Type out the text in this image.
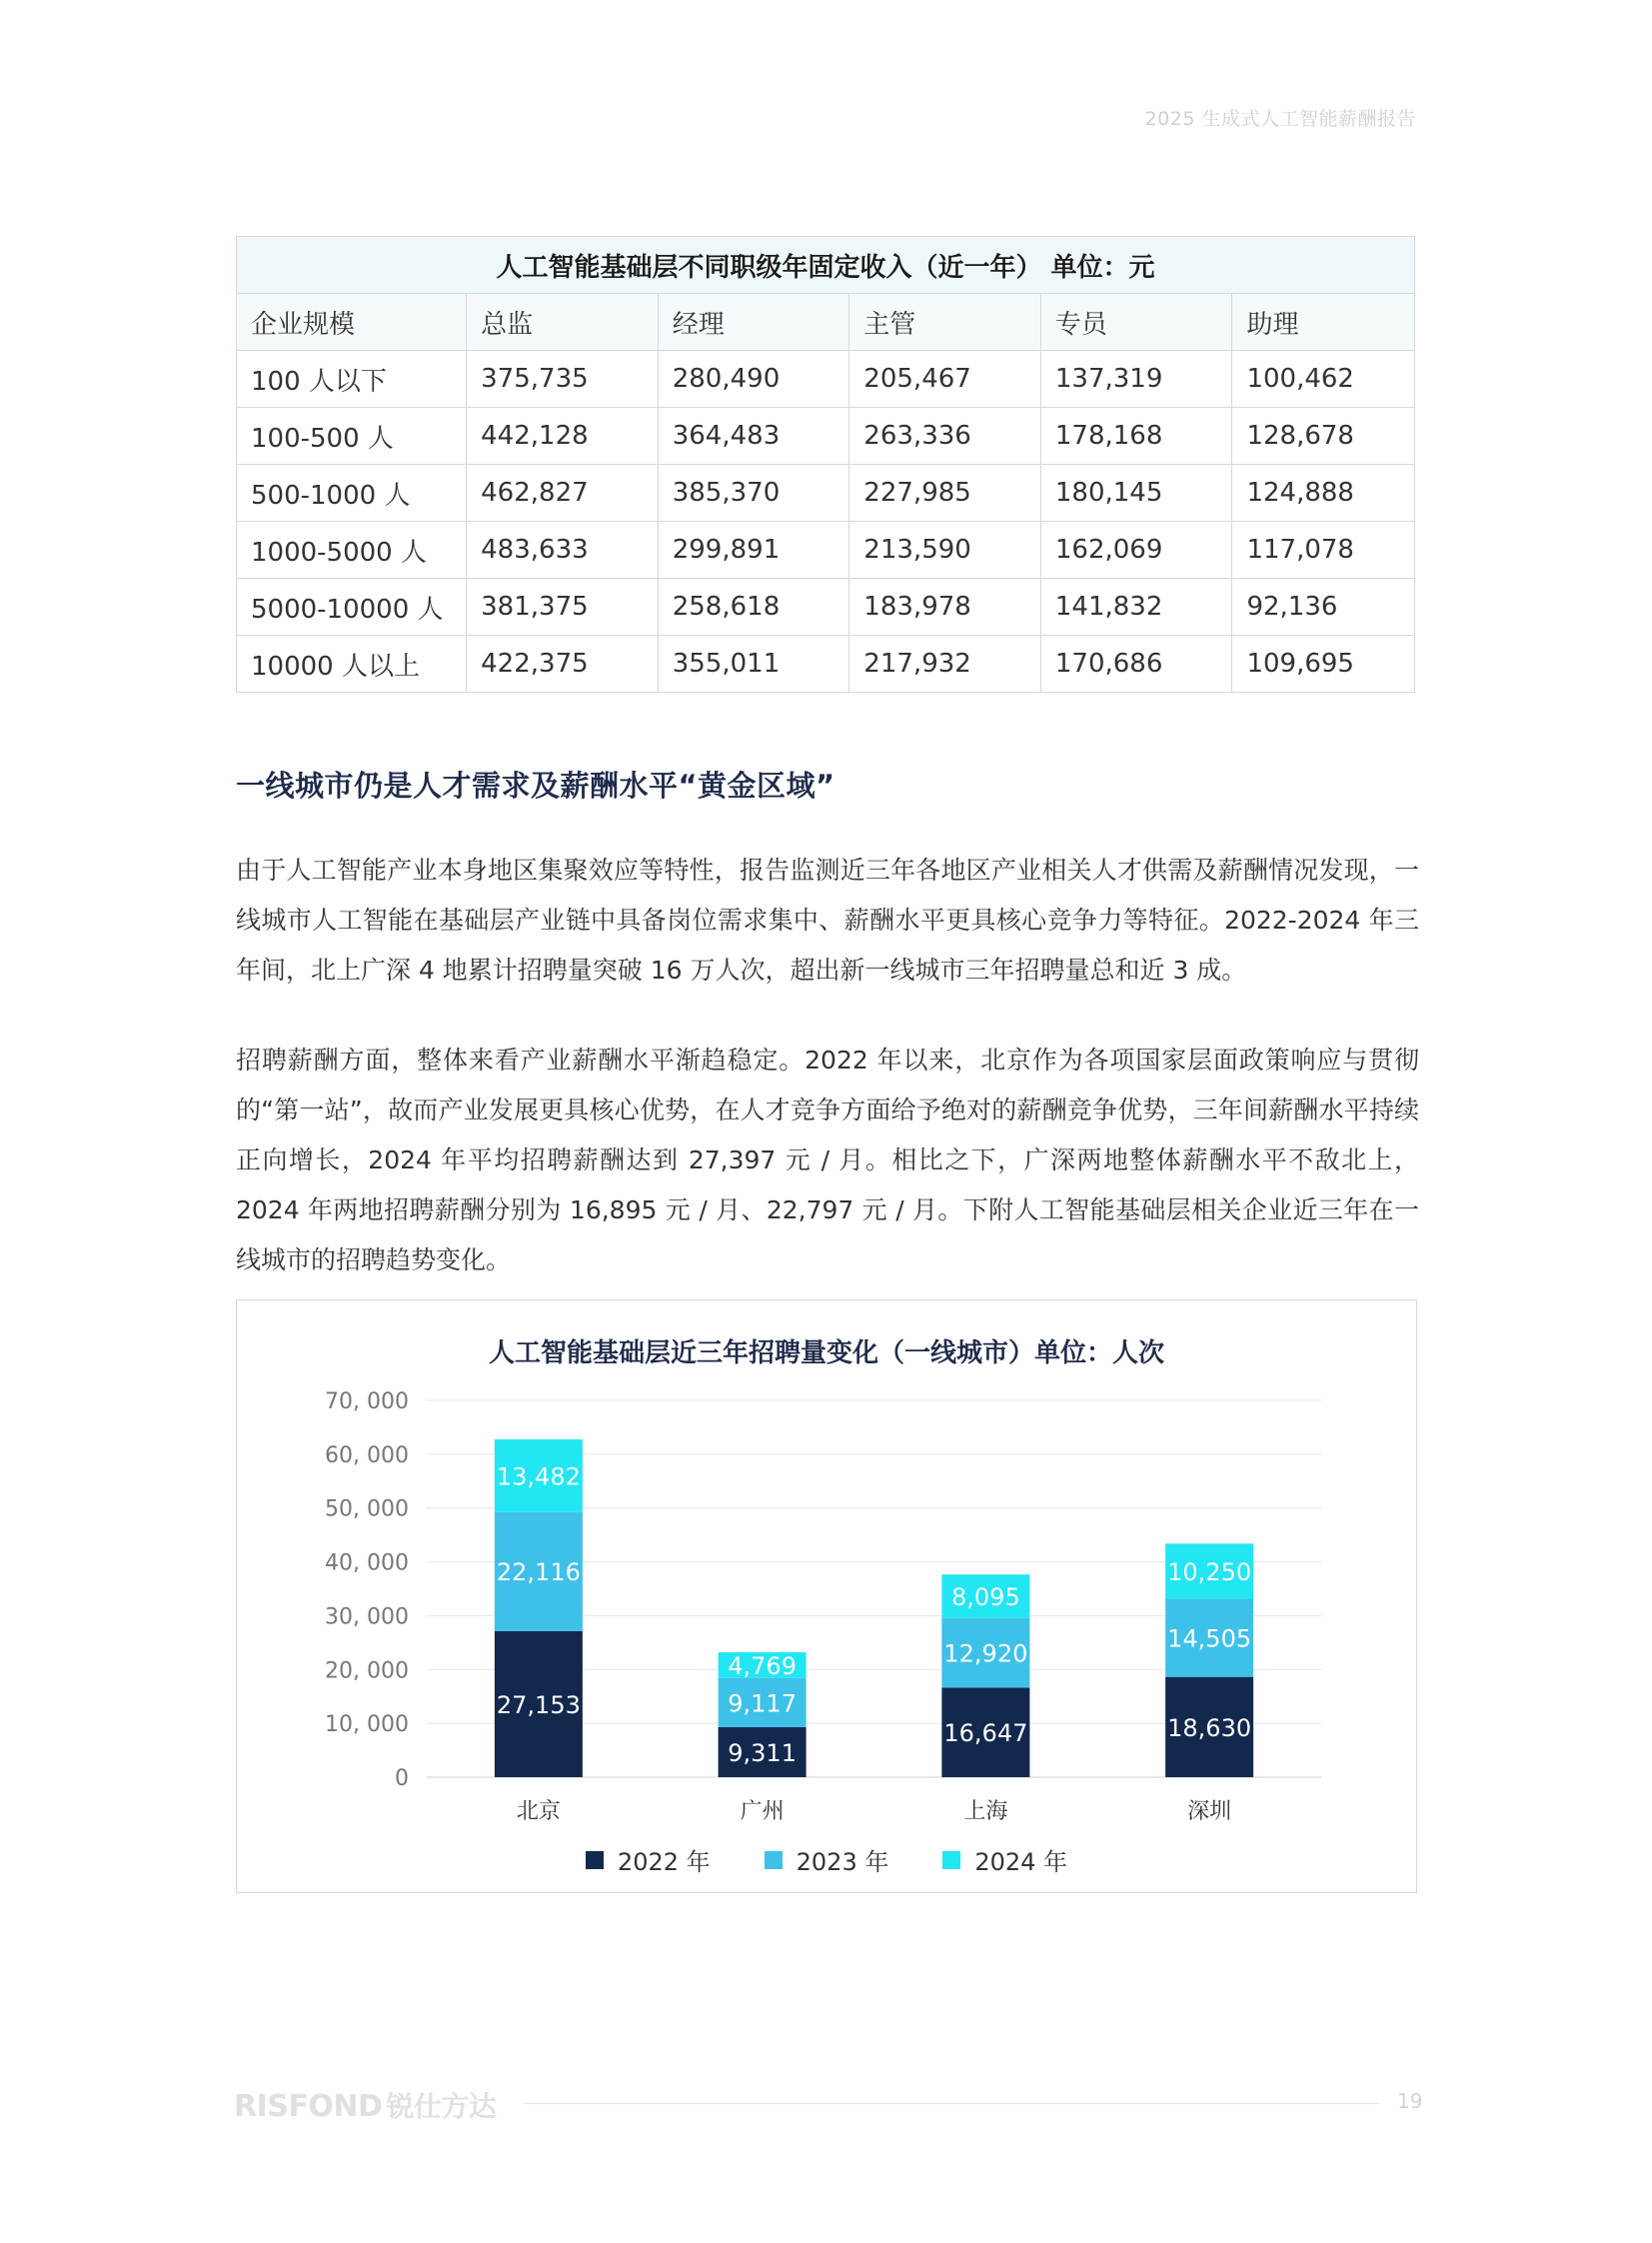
2025 生成式人工智能薪酬报告
人工智能基础层不同职级年固定收入（近一年） 单位：元					
企业规模	总监	经理	主管	专员	助理
100 人以下	375,735	280,490	205,467	137,319	100,462
100-500 人	442,128	364,483	263,336	178,168	128,678
500-1000 人	462,827	385,370	227,985	180,145	124,888
1000-5000 人	483,633	299,891	213,590	162,069	117,078
5000-10000 人	381,375	258,618	183,978	141,832	92,136
10000 人以上	422,375	355,011	217,932	170,686	109,695
一线城市仍是人才需求及薪酬水平“黄金区域”

由于人工智能产业本身地区集聚效应等特性，报告监测近三年各地区产业相关人才供需及薪酬情况发现，一线城市人工智能在基础层产业链中具备岗位需求集中、薪酬水平更具核心竞争力等特征。2022-2024 年三年间，北上广深 4 地累计招聘量突破 16 万人次，超出新一线城市三年招聘量总和近 3 成。

招聘薪酬方面，整体来看产业薪酬水平渐趋稳定。2022 年以来，北京作为各项国家层面政策响应与贯彻的“第一站”，故而产业发展更具核心优势，在人才竞争方面给予绝对的薪酬竞争优势，三年间薪酬水平持续正向增长，2024 年平均招聘薪酬达到 27,397 元 / 月。相比之下，广深两地整体薪酬水平不敌北上，2024 年两地招聘薪酬分别为 16,895 元 / 月、22,797 元 / 月。下附人工智能基础层相关企业近三年在一线城市的招聘趋势变化。

人工智能基础层近三年招聘量变化（一线城市）单位：人次
0
10, 000
20, 000
30, 000
40, 000
50, 000
60, 000
70, 000
27,153
22,116
13,482
北京
9,311
9,117
4,769
广州
16,647
12,920
8,095
上海
18,630
14,505
10,250
深圳
2022 年	2023 年	2024 年
RISFOND 锐仕方达	19
